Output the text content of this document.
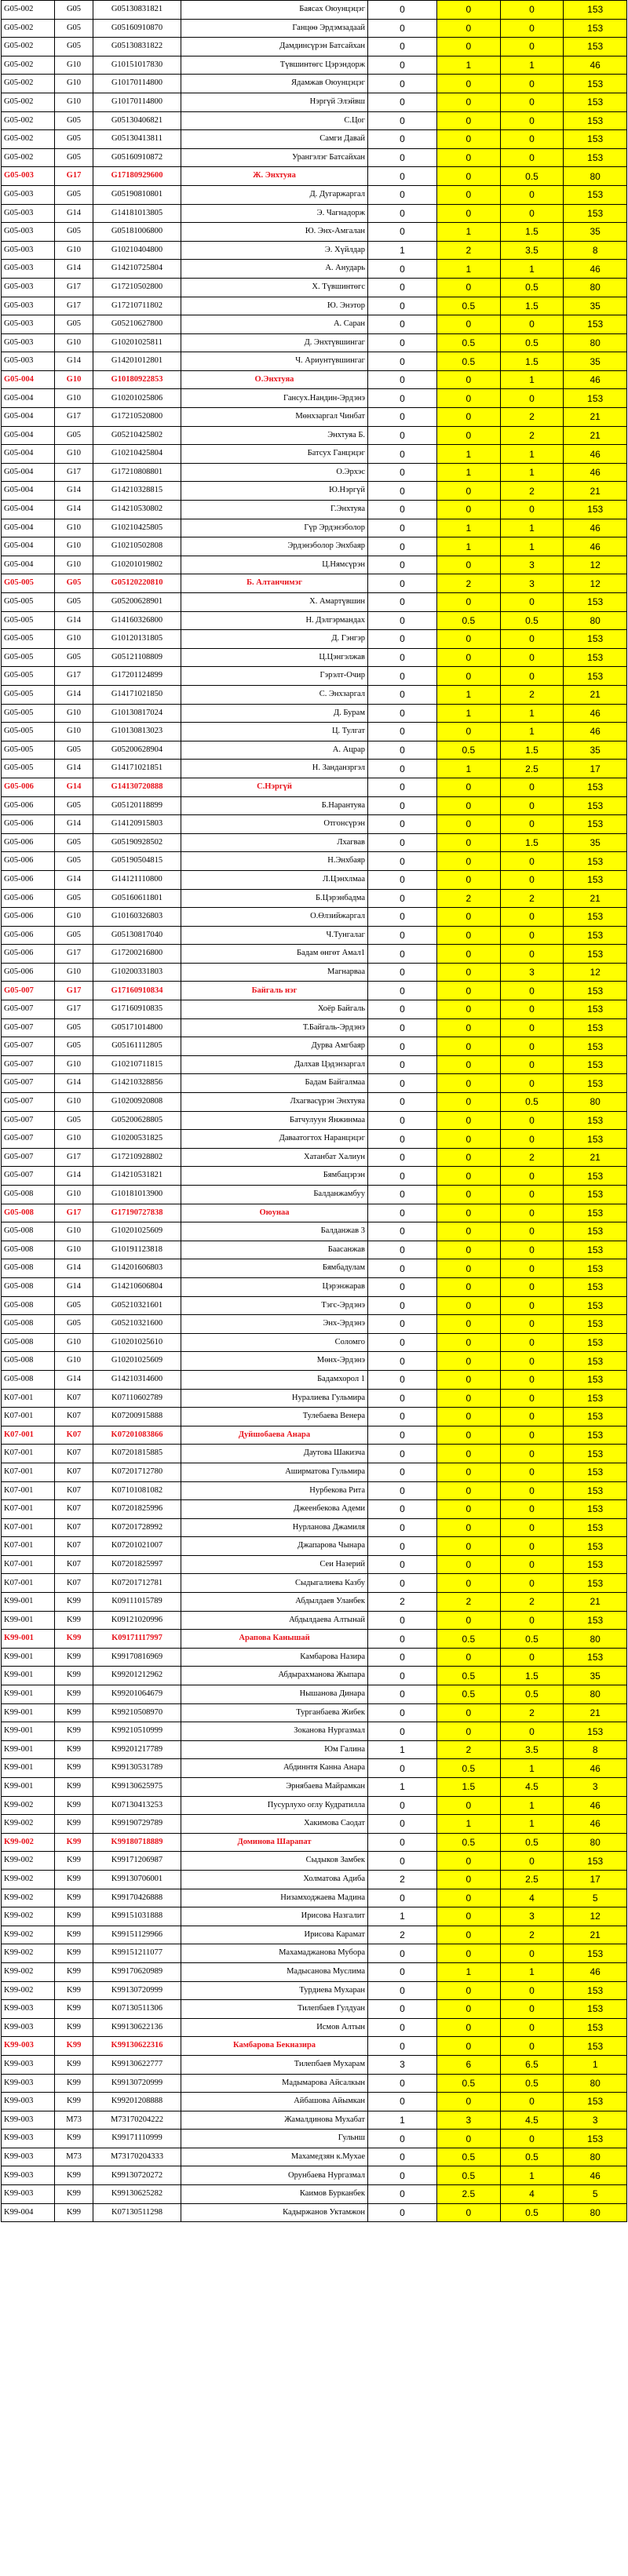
G05-002	G05	G05130831821	Баясах Оюунцэцэг	0	0	0	153
G05-002	G05	G05160910870	Ганцөө Эрдэмзадаай	0	0	0	153
G05-002	G05	G05130831822	Дамдинсүрэн Батсайхан	0	0	0	153
G05-002	G10	G10151017830	Түвшинтөгс Цэрэндорж	0	1	1	46
G05-002	G10	G10170114800	Ядамжав Оюунцэцэг	0	0	0	153
G05-002	G10	G10170114800	Нэргүй Элэйвш	0	0	0	153
G05-002	G05	G05130406821	С.Цог	0	0	0	153
G05-002	G05	G05130413811	Самги Давай	0	0	0	153
G05-002	G05	G05160910872	Урангэлэг Батсайхан	0	0	0	153
G05-003	G17	G17180929600	Ж. Энхтуяа	0	0	0.5	80
G05-003	G05	G05190810801	Д. Дугаржаргал	0	0	0	153
G05-003	G14	G14181013805	Э. Чагнадорж	0	0	0	153
G05-003	G05	G05181006800	Ю. Энх-Амгалан	0	1	1.5	35
G05-003	G10	G10210404800	Э. Хүйлдар	1	2	3.5	8
G05-003	G14	G14210725804	А. Анударь	0	1	1	46
G05-003	G17	G17210502800	Х. Түвшинтөгс	0	0	0.5	80
G05-003	G17	G17210711802	Ю. Энэтор	0	0.5	1.5	35
G05-003	G05	G05210627800	А. Саран	0	0	0	153
G05-003	G10	G10201025811	Д. Энхтүвшингаг	0	0.5	0.5	80
G05-003	G14	G14201012801	Ч. Ариунтүвшингаг	0	0.5	1.5	35
G05-004	G10	G10180922853	О.Энхтуяа	0	0	1	46
G05-004	G10	G10201025806	Гансух.Нандин-Эрдэнэ	0	0	0	153
G05-004	G17	G17210520800	Мөнхзаргал Чинбат	0	0	2	21
G05-004	G05	G05210425802	Энхтуяа Б.	0	0	2	21
G05-004	G10	G10210425804	Батсух Ганцэцэг	0	1	1	46
G05-004	G17	G17210808801	О.Эрхэс	0	1	1	46
G05-004	G14	G14210328815	Ю.Нэргүй	0	0	2	21
G05-004	G14	G14210530802	Г.Энхтуяа	0	0	0	153
G05-004	G10	G10210425805	Гүр Эрдэнэболор	0	1	1	46
G05-004	G10	G10210502808	Эрдэнэболор Энхбаяр	0	1	1	46
G05-004	G10	G10201019802	Ц.Нямсүрэн	0	0	3	12
G05-005	G05	G05120220810	Б. Алтанчимэг	0	2	3	12
G05-005	G05	G05200628901	Х. Амартүвшин	0	0	0	153
G05-005	G14	G14160326800	Н. Дэлгэрмандах	0	0.5	0.5	80
G05-005	G10	G10120131805	Д. Гэнгэр	0	0	0	153
G05-005	G05	G05121108809	Ц.Цэнгэлжав	0	0	0	153
G05-005	G17	G17201124899	Гэрэлт-Очир	0	0	0	153
G05-005	G14	G14171021850	С. Энхзаргал	0	1	2	21
G05-005	G10	G10130817024	Д. Бурам	0	1	1	46
G05-005	G10	G10130813023	Ц. Тулгат	0	0	1	46
G05-005	G05	G05200628904	А. Ацрар	0	0.5	1.5	35
G05-005	G14	G14171021851	Н. Занданзргэл	0	1	2.5	17
G05-006	G14	G14130720888	С.Нэргүй	0	0	0	153
G05-006	G05	G05120118899	Б.Нарантуяа	0	0	0	153
G05-006	G14	G14120915803	Отгонсүрэн	0	0	0	153
G05-006	G05	G05190928502	Лхагвав	0	0	1.5	35
G05-006	G05	G05190504815	Н.Энхбаяр	0	0	0	153
G05-006	G14	G14121110800	Л.Цэнхлмаа	0	0	0	153
G05-006	G05	G05160611801	Б.Цэрэнбадма	0	2	2	21
G05-006	G10	G10160326803	О.Өлзийжаргал	0	0	0	153
G05-006	G05	G05130817040	Ч.Тунгалаг	0	0	0	153
G05-006	G17	G17200216800	Бадам өнгөт Амал1	0	0	0	153
G05-006	G10	G10200331803	Магнарваа	0	0	3	12
G05-007	G17	G17160910834	Байгаль нэг	0	0	0	153
G05-007	G17	G17160910835	Хоёр Байгаль	0	0	0	153
G05-007	G05	G05171014800	Т.Байгаль-Эрдэнэ	0	0	0	153
G05-007	G05	G05161112805	Дурва Амгбаяр	0	0	0	153
G05-007	G10	G10210711815	Далхав Цэдэнзаргал	0	0	0	153
G05-007	G14	G14210328856	Бадам Байгалмаа	0	0	0	153
G05-007	G10	G10200920808	Лхагвасүрэн Энхтуяа	0	0	0.5	80
G05-007	G05	G05200628805	Батчулуун Янжинмаа	0	0	0	153
G05-007	G10	G10200531825	Даваатогтох Наранцэцэг	0	0	0	153
G05-007	G17	G17210928802	Хатанбат Халиун	0	0	2	21
G05-007	G14	G14210531821	Бямбацэрэн	0	0	0	153
G05-008	G10	G10181013900	Балданжамбуу	0	0	0	153
G05-008	G17	G17190727838	Оюунаа	0	0	0	153
G05-008	G10	G10201025609	Балданжав 3	0	0	0	153
G05-008	G10	G10191123818	Баасанжав	0	0	0	153
G05-008	G14	G14201606803	Бямбадулам	0	0	0	153
G05-008	G14	G14210606804	Цэрэнжарав	0	0	0	153
G05-008	G05	G05210321601	Тэгс-Эрдэнэ	0	0	0	153
G05-008	G05	G05210321600	Энх-Эрдэнэ	0	0	0	153
G05-008	G10	G10201025610	Соломго	0	0	0	153
G05-008	G10	G10201025609	Мөнх-Эрдэнэ	0	0	0	153
G05-008	G14	G14210314600	Бадамхорол 1	0	0	0	153
K07-001	K07	K07110602789	Нуралиева Гульмира	0	0	0	153
K07-001	K07	K07200915888	Тулебаева Венера	0	0	0	153
K07-001	K07	K07201083866	Дуйшобаева Анара	0	0	0	153
K07-001	K07	K07201815885	Даутова Шакизча	0	0	0	153
K07-001	K07	K07201712780	Аширматова Гульмира	0	0	0	153
K07-001	K07	K07101081082	Нурбекова Рита	0	0	0	153
K07-001	K07	K07201825996	Джеенбекова Адеми	0	0	0	153
K07-001	K07	K07201728992	Нурланова Джамиля	0	0	0	153
K07-001	K07	K07201021007	Джапарова Чынара	0	0	0	153
K07-001	K07	K07201825997	Сеи Назерий	0	0	0	153
K07-001	K07	K07201712781	Сыдыгалиева Казбу	0	0	0	153
K99-001	K99	K09111015789	Абдылдаев Уланбек	2	2	2	21
K99-001	K99	K09121020996	Абдылдаева Алтынай	0	0	0	153
K99-001	K99	K09171117997	Арапова Канышай	0	0.5	0.5	80
K99-001	K99	K99170816969	Камбарова Назира	0	0	0	153
K99-001	K99	K99201212962	Абдырахманова Жыпара	0	0.5	1.5	35
K99-001	K99	K99201064679	Нышанова Динара	0	0.5	0.5	80
K99-001	K99	K99210508970	Турганбаева Жибек	0	0	2	21
K99-001	K99	K99210510999	Зоканова Нургазмал	0	0	0	153
K99-001	K99	K99201217789	Юм Галина	1	2	3.5	8
K99-001	K99	K99130531789	Абдиннтя Канна Анара	0	0.5	1	46
K99-001	K99	K99130625975	Эрнябаева Майрамкан	1	1.5	4.5	3
K99-002	K99	K07130413253	Пусурлухо оглу Кудратилла	0	0	1	46
K99-002	K99	K99190729789	Хакимова Саодат	0	1	1	46
K99-002	K99	K99180718889	Доминова Шарапат	0	0.5	0.5	80
K99-002	K99	K99171206987	Сыдыков Замбек	0	0	0	153
K99-002	K99	K99130706001	Холматова Адиба	2	0	2.5	17
K99-002	K99	K99170426888	Низамходжаева Мадина	0	0	4	5
K99-002	K99	K99151031888	Ирисова Назгалит	1	0	3	12
K99-002	K99	K99151129966	Ирисова Карамат	2	0	2	21
K99-002	K99	K99151211077	Махамаджанова Мубора	0	0	0	153
K99-002	K99	K99170620989	Мадысанова Муслима	0	1	1	46
K99-002	K99	K99130720999	Турдиева Мухаран	0	0	0	153
K99-003	K99	K07130511306	Тилепбаев Гулдуан	0	0	0	153
K99-003	K99	K99130622136	Исмов Алтын	0	0	0	153
K99-003	K99	K99130622316	Камбарова Бекназира	0	0	0	153
K99-003	K99	K99130622777	Тилепбаев Мухарам	3	6	6.5	1
K99-003	K99	K99130720999	Мадымарова Айсалкын	0	0.5	0.5	80
K99-003	K99	K99201208888	Айбашова Айымкан	0	0	0	153
K99-003	M73	M73170204222	Жамалдинова Мухабат	1	3	4.5	3
K99-003	K99	K99171110999	Гульнш	0	0	0	153
K99-003	M73	M73170204333	Махамедзян к.Мухае	0	0.5	0.5	80
K99-003	K99	K99130720272	Орунбаева Нургазмал	0	0.5	1	46
K99-003	K99	K99130625282	Каимов Бурканбек	0	2.5	4	5
K99-004	K99	K07130511298	Кадыржанов Уктамжон	0	0	0.5	80
